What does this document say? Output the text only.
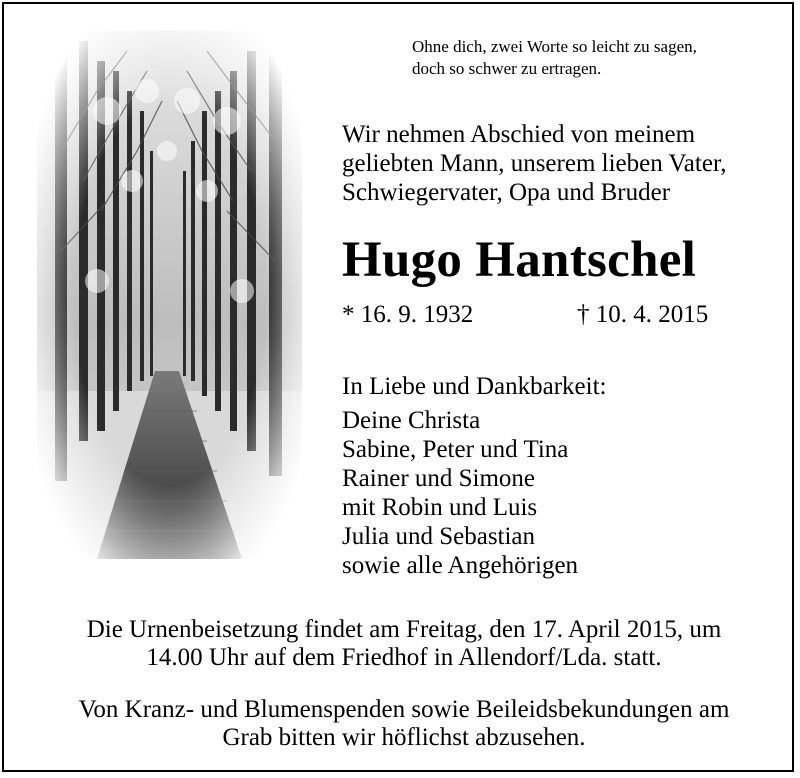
Ohne dich, zwei Worte so leicht zu sagen,
doch so schwer zu ertragen.
Wir nehmen Abschied von meinem
geliebten Mann, unserem lieben Vater,
Schwiegervater, Opa und Bruder
Hugo Hantschel
* 16. 9. 1932	† 10. 4. 2015
In Liebe und Dankbarkeit:
Deine Christa
Sabine, Peter und Tina
Rainer und Simone
mit Robin und Luis
Julia und Sebastian
sowie alle Angehörigen
Die Urnenbeisetzung findet am Freitag, den 17. April 2015, um
14.00 Uhr auf dem Friedhof in Allendorf/Lda. statt.
Von Kranz- und Blumenspenden sowie Beileidsbekundungen am
Grab bitten wir höflichst abzusehen.
